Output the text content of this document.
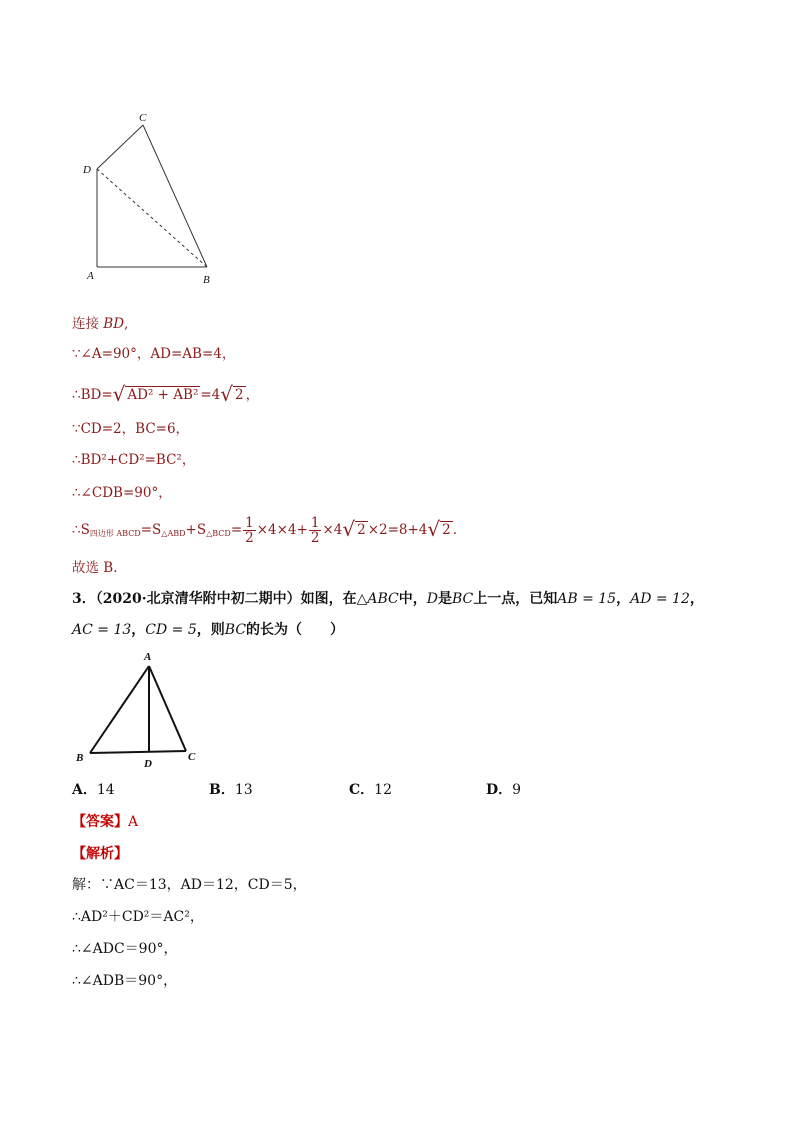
C
D
A	B
连接 BD,
∵∠A=90°，AD=AB=4，
∴BD=√ AD² + AB² =4√ 2 ，
∵CD=2，BC=6，
∴BD²+CD²=BC²，
∴∠CDB=90°，
$\therefore S_{四边形 ABCD}=S_{\triangle ABD}+S_{\triangle BCD}= \frac{1}{2} \times 4\times 4+ \frac{1}{2} \times 4√$ 2 ×2=8+4√ 2 .
故选 B.
3．（2020·北京清华附中初二期中）如图，在△ABC中，D是BC上一点，已知AB = 15，AD = 12，
AC = 13，CD = 5，则BC的长为（　　）
A
B	C
D
A．14	B．13	C．12	D．9
【答案】A
【解析】
解：∵AC＝13，AD＝12，CD＝5，
∴AD²＋CD²＝AC²，
∴∠ADC＝90°，
∴∠ADB＝90°，
